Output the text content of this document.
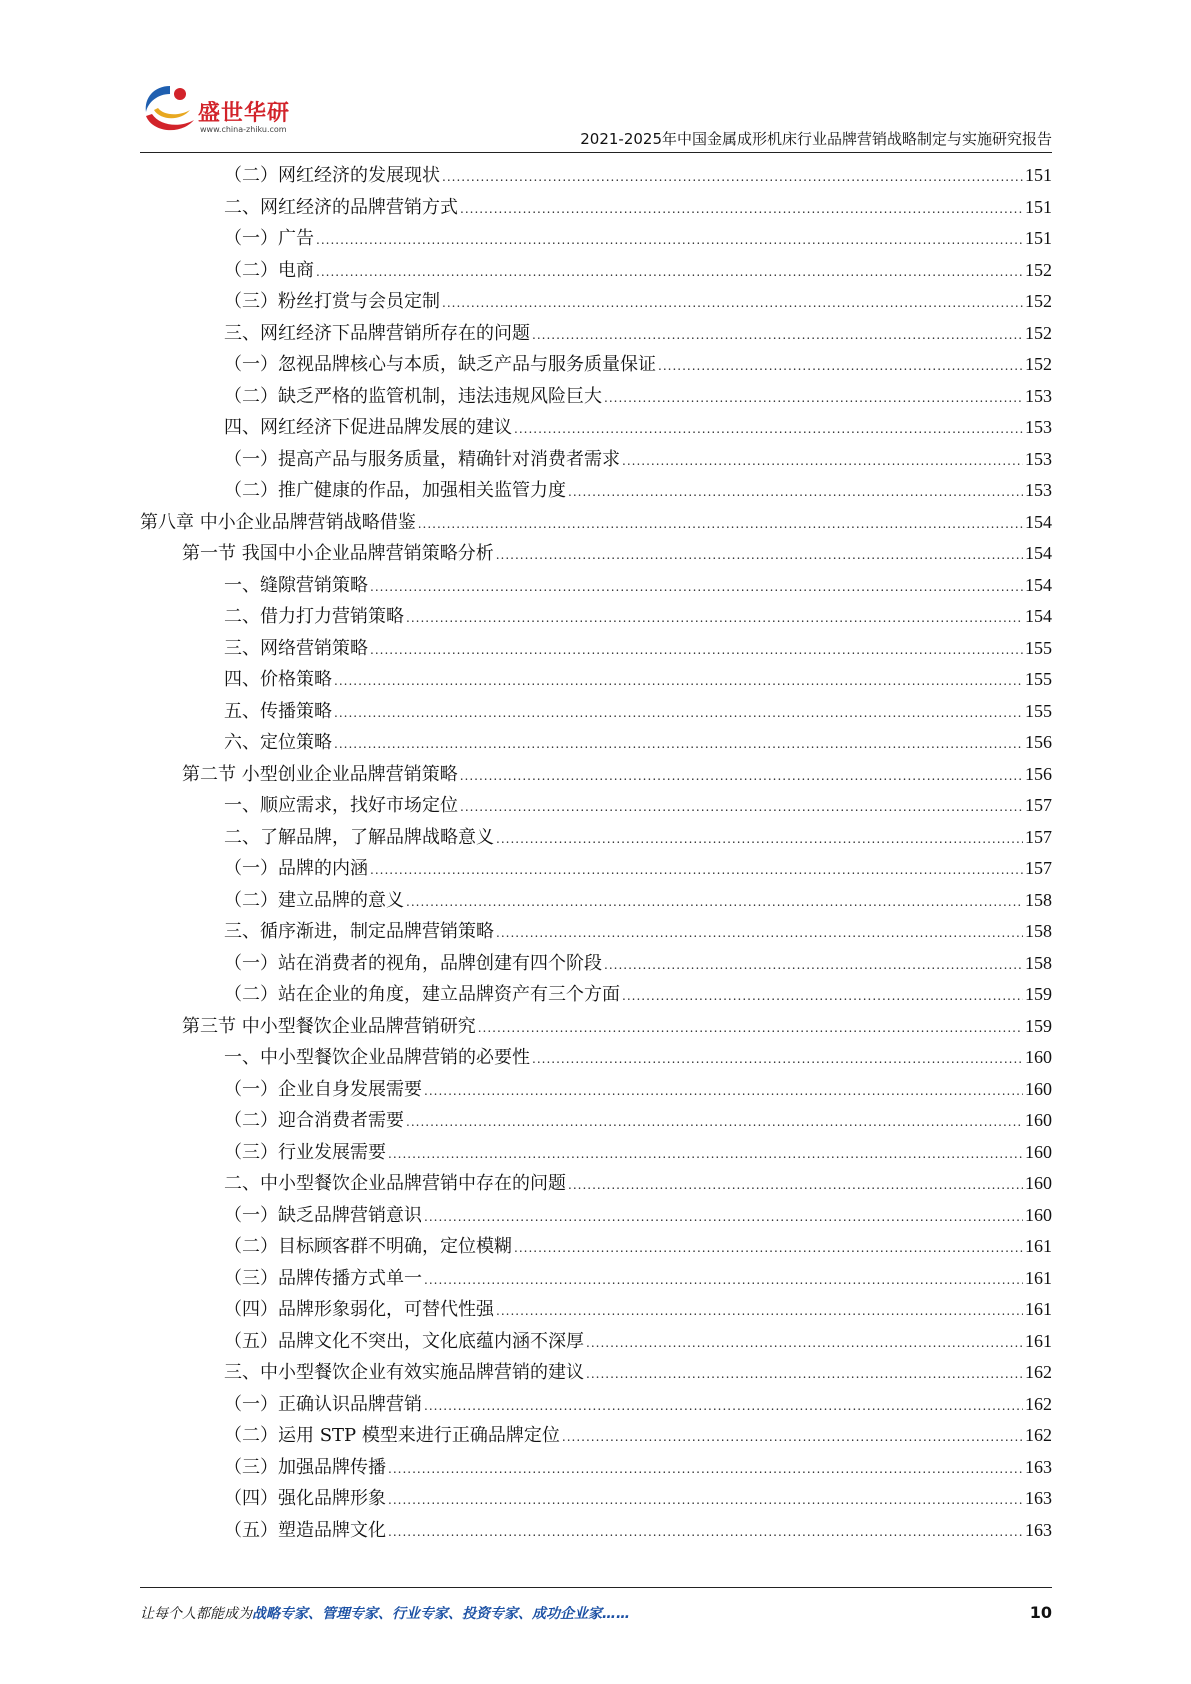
盛世华研
www.china-zhiku.com
2021-2025年中国金属成形机床行业品牌营销战略制定与实施研究报告
（二）网红经济的发展现状 .....	151
二、网红经济的品牌营销方式 .....	151
（一）广告 .....	151
（二）电商 .....	152
（三）粉丝打赏与会员定制 .....	152
三、网红经济下品牌营销所存在的问题 .....	152
（一）忽视品牌核心与本质，缺乏产品与服务质量保证 .....	152
（二）缺乏严格的监管机制，违法违规风险巨大 .....	153
四、网红经济下促进品牌发展的建议 .....	153
（一）提高产品与服务质量，精确针对消费者需求 .....	153
（二）推广健康的作品，加强相关监管力度 .....	153
第八章 中小企业品牌营销战略借鉴 .....	154
第一节 我国中小企业品牌营销策略分析 .....	154
一、缝隙营销策略 .....	154
二、借力打力营销策略 .....	154
三、网络营销策略 .....	155
四、价格策略 .....	155
五、传播策略 .....	155
六、定位策略 .....	156
第二节 小型创业企业品牌营销策略 .....	156
一、顺应需求，找好市场定位 .....	157
二、了解品牌，了解品牌战略意义 .....	157
（一）品牌的内涵 .....	157
（二）建立品牌的意义 .....	158
三、循序渐进，制定品牌营销策略 .....	158
（一）站在消费者的视角，品牌创建有四个阶段 .....	158
（二）站在企业的角度，建立品牌资产有三个方面 .....	159
第三节 中小型餐饮企业品牌营销研究 .....	159
一、中小型餐饮企业品牌营销的必要性 .....	160
（一）企业自身发展需要 .....	160
（二）迎合消费者需要 .....	160
（三）行业发展需要 .....	160
二、中小型餐饮企业品牌营销中存在的问题 .....	160
（一）缺乏品牌营销意识 .....	160
（二）目标顾客群不明确，定位模糊 .....	161
（三）品牌传播方式单一 .....	161
（四）品牌形象弱化，可替代性强 .....	161
（五）品牌文化不突出，文化底蕴内涵不深厚 .....	161
三、中小型餐饮企业有效实施品牌营销的建议 .....	162
（一）正确认识品牌营销 .....	162
（二）运用 STP 模型来进行正确品牌定位 .....	162
（三）加强品牌传播 .....	163
（四）强化品牌形象 .....	163
（五）塑造品牌文化 .....	163
让每个人都能成为战略专家、管理专家、行业专家、投资专家、成功企业家……	10
